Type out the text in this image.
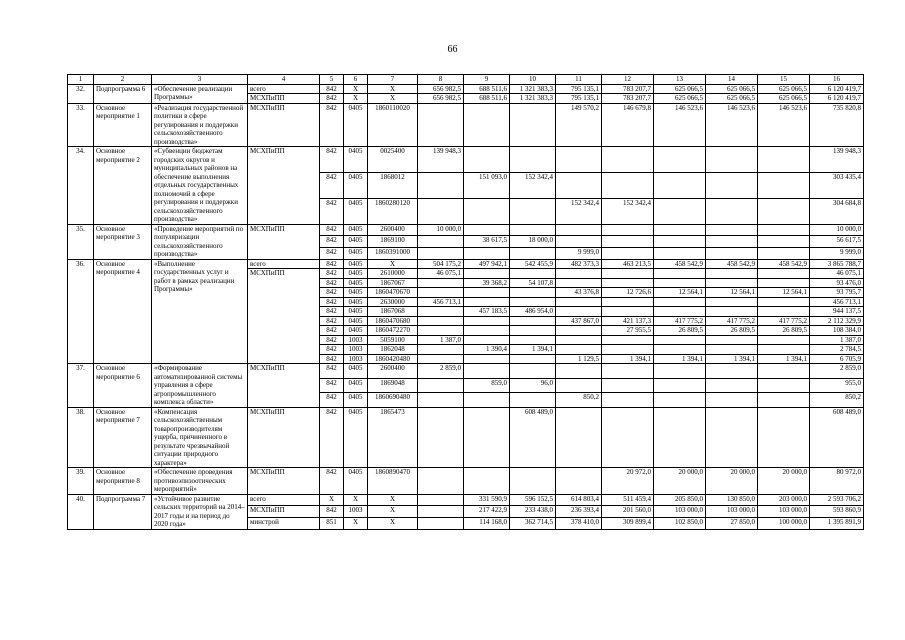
66
1	2	3	4	5	6	7	8	9	10	11	12	13	14	15	16
32.	Подпрограмма 6	«Обеспечение реализации Программы»	всего	842	Х	Х	656 982,5	688 511,6	1 321 383,3	795 135,1	783 207,7	625 066,5	625 066,5	625 066,5	6 120 419,7
			МСХПиПП	842	Х	Х	656 982,5	688 511,6	1 321 383,3	795 135,1	783 207,7	625 066,5	625 066,5	625 066,5	6 120 419,7
33.	Основное мероприятие 1	«Реализация государственной политики в сфере регулирования и поддержки сельскохозяйственного производства»	МСХПиПП	842	0405	1860110020				149 570,2	146 679,8	146 523,6	146 523,6	146 523,6	735 820,8
34.	Основное мероприятие 2	«Субвенции бюджетам городских округов и муниципальных районов на обеспечение выполнения отдельных государственных полномочий в сфере регулирования и поддержки сельскохозяйственного производства»	МСХПиПП	842	0405	0025400	139 948,3								139 948,3
				842	0405	1868012		151 093,0	152 342,4						303 435,4
				842	0405	1860280120				152 342,4	152 342,4				304 684,8
35.	Основное мероприятие 3	«Проведение мероприятий по популяризации сельскохозяйственного производства»	МСХПиПП	842	0405	2600400	10 000,0								10 000,0
				842	0405	1869100		38 617,5	18 000,0						56 617,5
				842	0405	1860391000				9 999,0					9 999,0
36.	Основное мероприятие 4	«Выполнение государственных услуг и работ в рамках реализации Программы»	всего	842	0405	Х	504 175,2	497 942,1	542 455,9	482 373,3	463 213,5	458 542,9	458 542,9	458 542,9	3 865 788,7
			МСХПиПП	842	0405	2610000	46 075,1								46 075,1
				842	0405	1867067		39 368,2	54 107,8						93 476,0
				842	0405	1860470670				43 376,8	12 726,6	12 564,1	12 564,1	12 564,1	93 795,7
				842	0405	2630000	456 713,1								456 713,1
				842	0405	1867068		457 183,5	486 954,0						944 137,5
				842	0405	1860470680				437 867,0	421 137,3	417 775,2	417 775,2	417 775,2	2 112 329,9
				842	0405	1860472270					27 955,5	26 809,5	26 809,5	26 809,5	108 384,0
				842	1003	5059100	1 387,0								1 387,0
				842	1003	1862048		1 390,4	1 394,1						2 784,5
				842	1003	1860420480				1 129,5	1 394,1	1 394,1	1 394,1	1 394,1	6 705,9
37.	Основное мероприятие 6	«Формирование автоматизированной системы управления в сфере агропромышленного комплекса области»	МСХПиПП	842	0405	2600400	2 859,0								2 859,0
				842	0405	1869048		859,0	96,0						955,0
				842	0405	1860690480				850,2					850,2
38.	Основное мероприятие 7	«Компенсация сельскохозяйственным товаропроизводителям ущерба, причиненного в результате чрезвычайной ситуации природного характера»	МСХПиПП	842	0405	1865473			608 489,0						608 489,0
39.	Основное мероприятие 8	«Обеспечение проведения противоэпизоотических мероприятий»	МСХПиПП	842	0405	1860890470					20 972,0	20 000,0	20 000,0	20 000,0	80 972,0
40.	Подпрограмма 7	«Устойчивое развитие сельских территорий на 2014–2017 годы и на период до 2020 года»	всего	Х	Х	Х		331 590,9	596 152,5	614 803,4	511 459,4	205 850,0	130 850,0	203 000,0	2 593 706,2
			МСХПиПП	842	1003	Х		217 422,9	233 438,0	236 393,4	201 560,0	103 000,0	103 000,0	103 000,0	593 860,9
			минстрой	851	Х	Х		114 168,0	362 714,5	378 410,0	309 899,4	102 850,0	27 850,0	100 000,0	1 395 891,9
